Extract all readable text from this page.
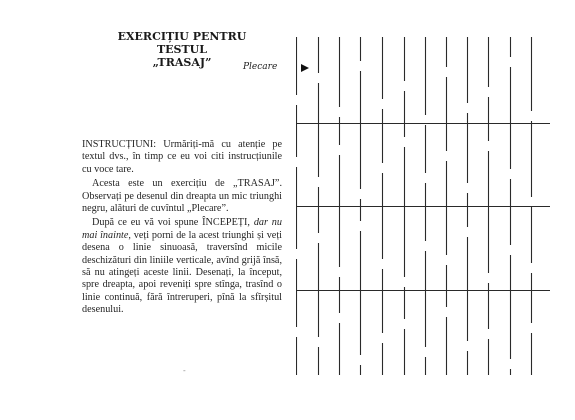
EXERCIȚIU PENTRU TESTUL
„TRASAJ”	Plecare

INSTRUCȚIUNI: Urmăriți-mă cu atenție pe textul dvs., în timp ce eu voi citi instrucțiunile cu voce tare.

Acesta este un exercițiu de „TRASAJ”. Observați pe desenul din dreapta un mic triunghi negru, alături de cuvîntul „Plecare”.

După ce eu vă voi spune ÎNCEPEȚI, dar nu mai înainte, veți porni de la acest triunghi și veți desena o linie sinuoasă, traversînd micile deschizături din liniile verticale, avînd grijă însă, să nu atingeți aceste linii. Desenați, la început, spre dreapta, apoi reveniți spre stînga, trasînd o linie continuă, fără întreruperi, pînă la sfîrșitul desenului.

-
